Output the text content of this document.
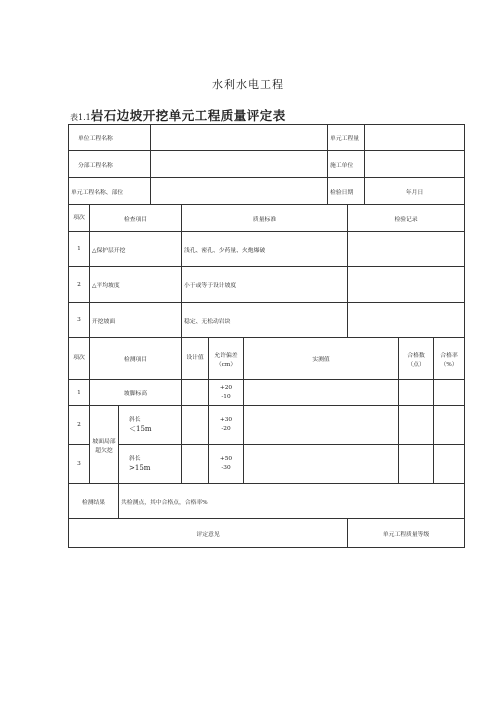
水利水电工程
表1.1岩石边坡开挖单元工程质量评定表
单位工程名称							单元工程量				
分部工程名称							施工单位				
单元工程名称、部位							检验日期		年月日		

项次	检查项目			质量标准				检验记录			
1	△保护层开挖			浅孔、密孔、少药量、火炮爆破							
2	△平均坡度			小于或等于设计坡度							
3	开挖坡面			稳定、无松动岩块							

项次	检测项目			设计值	允许偏差（cm）	实测值				合格数（点）	合格率（%）
1	坡脚标高				+20
-10						

2	坡面局部超欠挖	斜长
＜15m			+30
-20						

3		斜长
>15m			+50
-30						

检测结果		共检测点，其中合格点，合格率%									
评定意见								单元工程质量等级			
